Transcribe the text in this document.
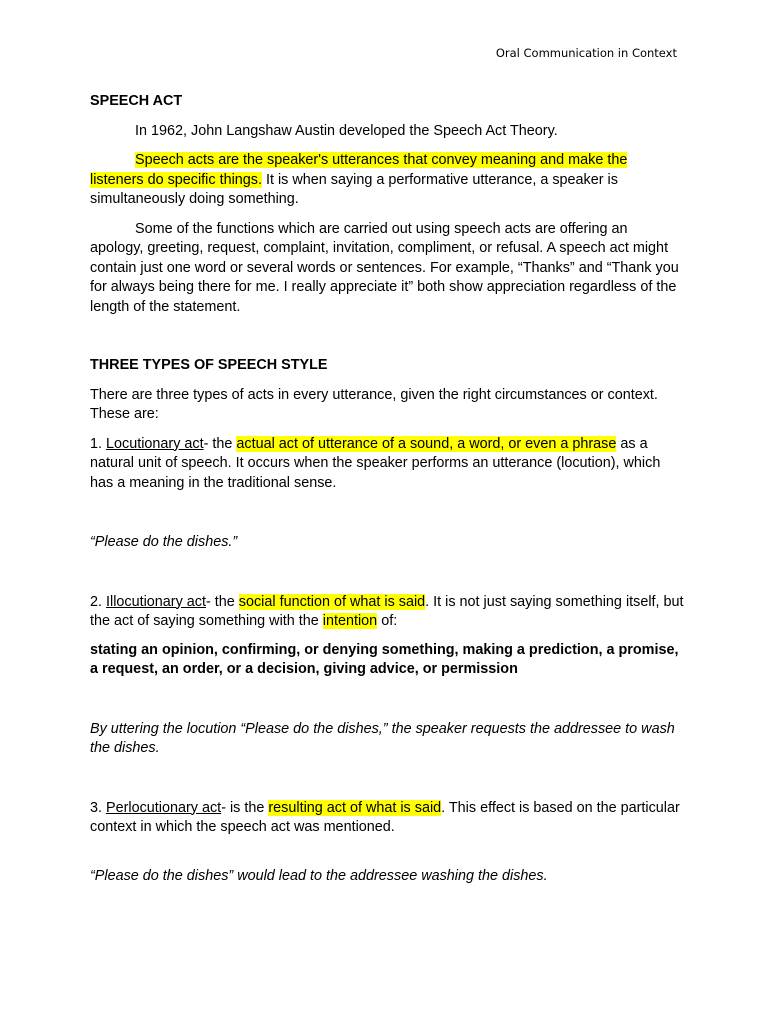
Oral Communication in Context

SPEECH ACT

In 1962, John Langshaw Austin developed the Speech Act Theory.

Speech acts are the speaker's utterances that convey meaning and make the listeners do specific things. It is when saying a performative utterance, a speaker is simultaneously doing something.

Some of the functions which are carried out using speech acts are offering an apology, greeting, request, complaint, invitation, compliment, or refusal. A speech act might contain just one word or several words or sentences. For example, “Thanks” and “Thank you for always being there for me. I really appreciate it” both show appreciation regardless of the length of the statement.

THREE TYPES OF SPEECH STYLE

There are three types of acts in every utterance, given the right circumstances or context. These are:

1. Locutionary act- the actual act of utterance of a sound, a word, or even a phrase as a natural unit of speech. It occurs when the speaker performs an utterance (locution), which has a meaning in the traditional sense.

“Please do the dishes.”

2. Illocutionary act- the social function of what is said. It is not just saying something itself, but the act of saying something with the intention of:

stating an opinion, confirming, or denying something, making a prediction, a promise, a request, an order, or a decision, giving advice, or permission

By uttering the locution “Please do the dishes,” the speaker requests the addressee to wash the dishes.

3. Perlocutionary act- is the resulting act of what is said. This effect is based on the particular context in which the speech act was mentioned.

“Please do the dishes” would lead to the addressee washing the dishes.
